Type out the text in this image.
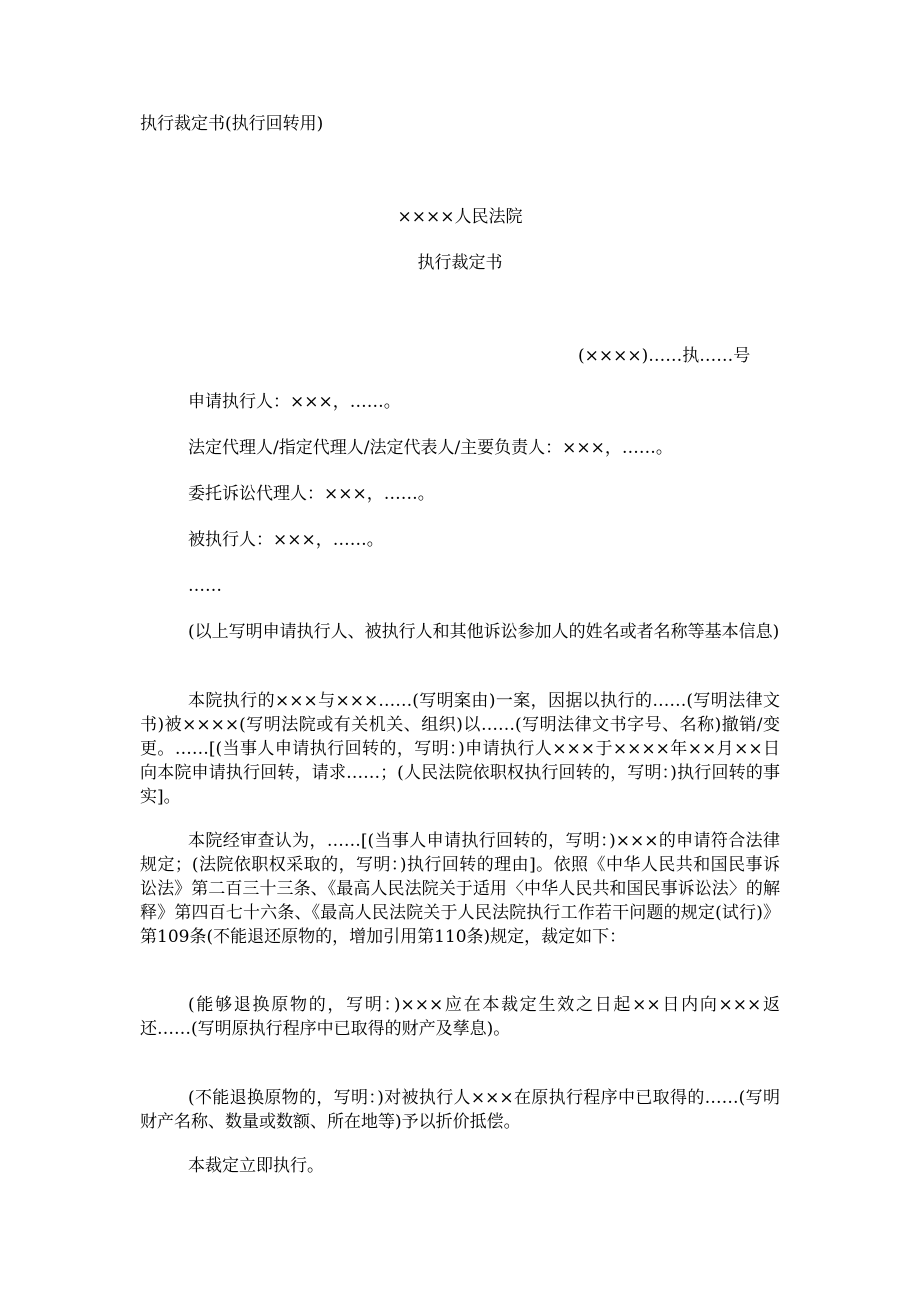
执行裁定书(执行回转用)

××××人民法院

执行裁定书

(××××)……执……号

申请执行人：×××，……。

法定代理人/指定代理人/法定代表人/主要负责人：×××，……。

委托诉讼代理人：×××，……。

被执行人：×××，……。

……

(以上写明申请执行人、被执行人和其他诉讼参加人的姓名或者名称等基本信息)

本院执行的×××与×××……(写明案由)一案，因据以执行的……(写明法律文书)被××××(写明法院或有关机关、组织)以……(写明法律文书字号、名称)撤销/变更。……[(当事人申请执行回转的，写明：)申请执行人×××于××××年××月××日向本院申请执行回转，请求……；(人民法院依职权执行回转的，写明：)执行回转的事实]。

本院经审查认为，……[(当事人申请执行回转的，写明：)×××的申请符合法律规定；(法院依职权采取的，写明：)执行回转的理由]。依照《中华人民共和国民事诉讼法》第二百三十三条、《最高人民法院关于适用〈中华人民共和国民事诉讼法〉的解释》第四百七十六条、《最高人民法院关于人民法院执行工作若干问题的规定(试行)》第109条(不能退还原物的，增加引用第110条)规定，裁定如下：

(能够退换原物的，写明：)×××应在本裁定生效之日起××日内向×××返还……(写明原执行程序中已取得的财产及孳息)。

(不能退换原物的，写明：)对被执行人×××在原执行程序中已取得的……(写明财产名称、数量或数额、所在地等)予以折价抵偿。

本裁定立即执行。
